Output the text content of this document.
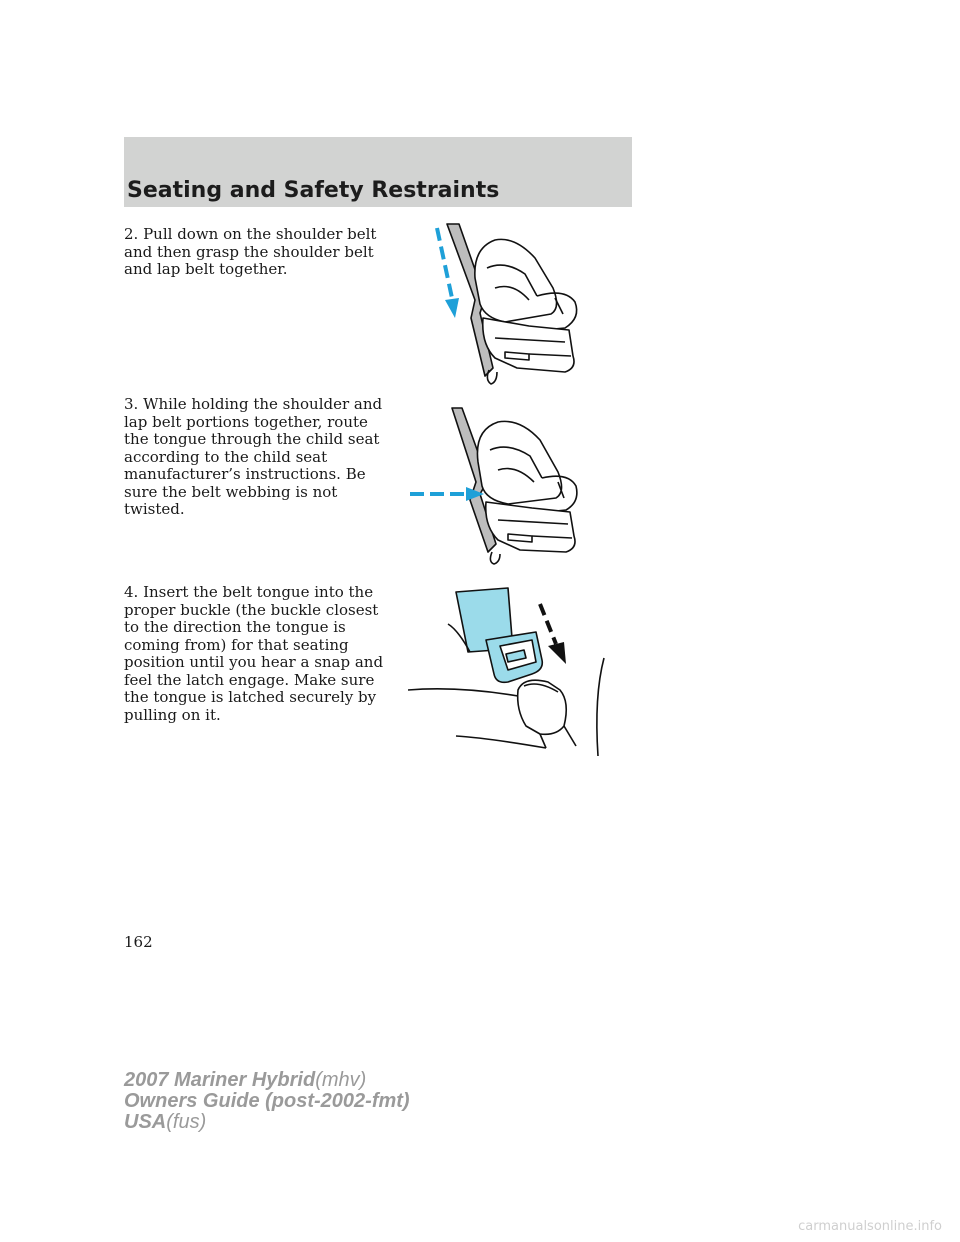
Seating and Safety Restraints

2. Pull down on the shoulder belt and then grasp the shoulder belt and lap belt together.

3. While holding the shoulder and lap belt portions together, route the tongue through the child seat according to the child seat manufacturer’s instructions. Be sure the belt webbing is not twisted.

4. Insert the belt tongue into the proper buckle (the buckle closest to the direction the tongue is coming from) for that seating position until you hear a snap and feel the latch engage. Make sure the tongue is latched securely by pulling on it.

162
2007 Mariner Hybrid(mhv)
Owners Guide (post-2002-fmt)
USA(fus)
carmanualsonline.info
